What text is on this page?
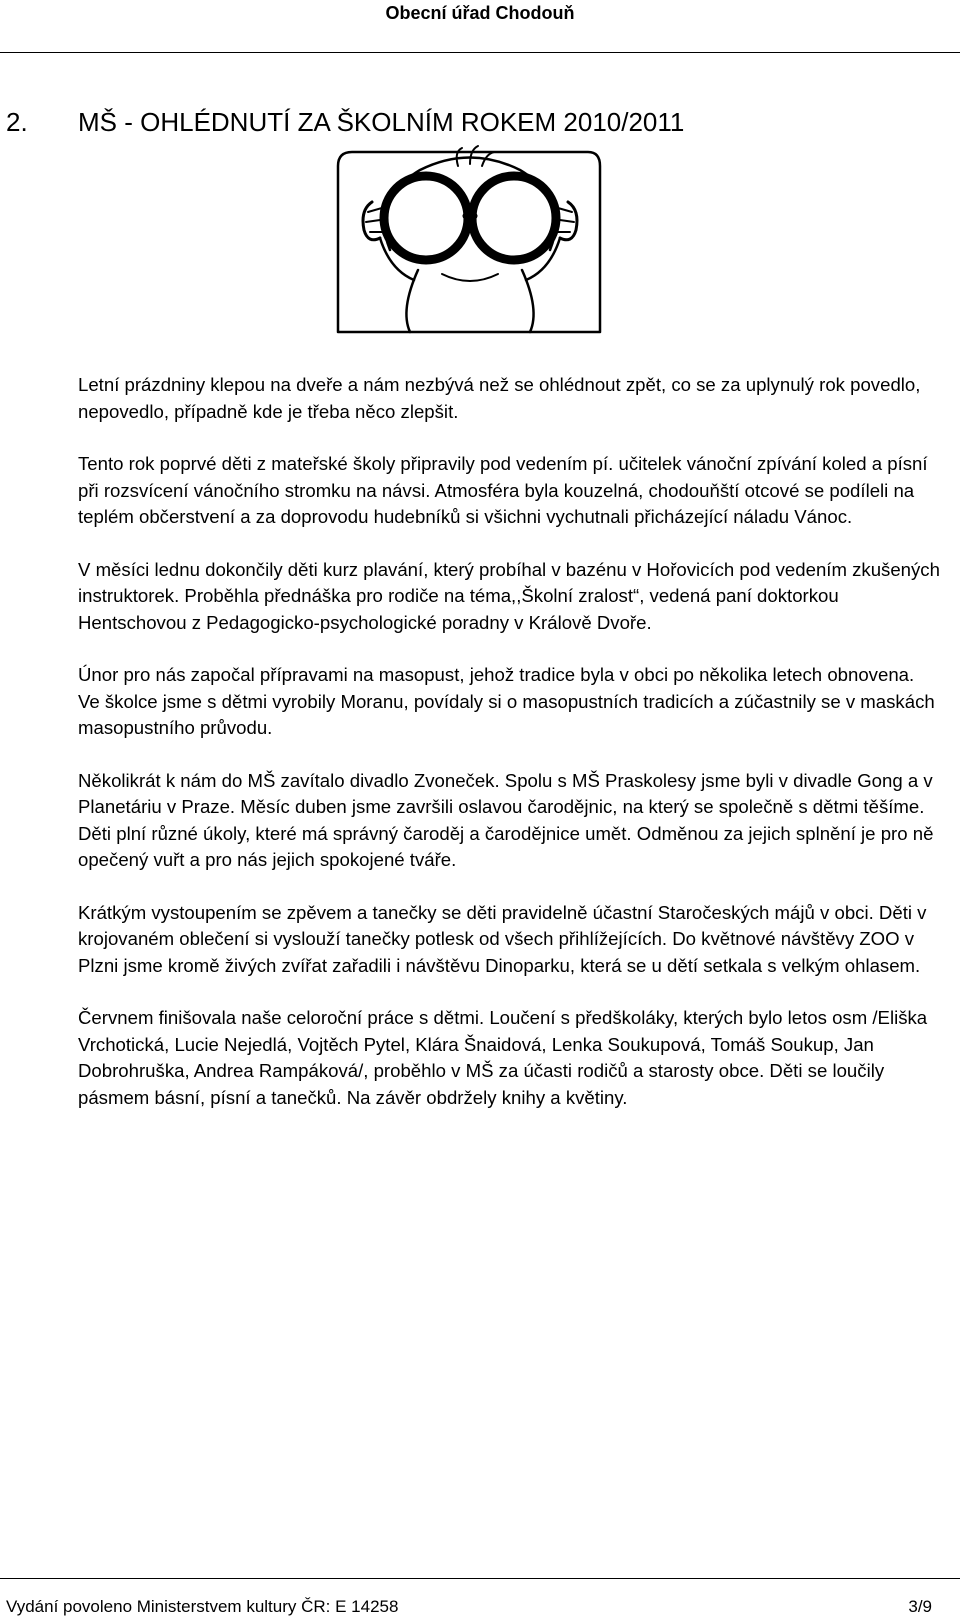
Obecní úřad Chodouň
2. MŠ - OHLÉDNUTÍ ZA ŠKOLNÍM ROKEM 2010/2011

Letní prázdniny klepou na dveře a nám nezbývá než se ohlédnout zpět, co se za uplynulý rok povedlo, nepovedlo, případně kde je třeba něco zlepšit.

Tento rok poprvé děti z mateřské školy připravily pod vedením pí. učitelek vánoční zpívání koled a písní při rozsvícení vánočního stromku na návsi. Atmosféra byla kouzelná, chodouňští otcové se podíleli na teplém občerstvení a za doprovodu hudebníků si všichni vychutnali přicházející náladu Vánoc.

V měsíci lednu dokončily děti kurz plavání, který probíhal v bazénu v Hořovicích pod vedením zkušených instruktorek. Proběhla přednáška pro rodiče na téma,,Školní zralost“, vedená paní doktorkou Hentschovou z Pedagogicko-psychologické poradny v Králově Dvoře.

Únor pro nás započal přípravami na masopust, jehož tradice byla v obci po několika letech obnovena. Ve školce jsme s dětmi vyrobily Moranu, povídaly si o masopustních tradicích a zúčastnily se v maskách masopustního průvodu.

Několikrát k nám do MŠ zavítalo divadlo Zvoneček. Spolu s MŠ Praskolesy jsme byli v divadle Gong a v Planetáriu v Praze. Měsíc duben jsme završili oslavou čarodějnic, na který se společně s dětmi těšíme. Děti plní různé úkoly, které má správný čaroděj a čarodějnice umět. Odměnou za jejich splnění je pro ně opečený vuřt a pro nás jejich spokojené tváře.

Krátkým vystoupením se zpěvem a tanečky se děti pravidelně účastní Staročeských májů v obci. Děti v krojovaném oblečení si vyslouží tanečky potlesk od všech přihlížejících. Do květnové návštěvy ZOO v Plzni jsme kromě živých zvířat zařadili i návštěvu Dinoparku, která se u dětí setkala s velkým ohlasem.

Červnem finišovala naše celoroční práce s dětmi. Loučení s předškoláky, kterých bylo letos osm /Eliška Vrchotická, Lucie Nejedlá, Vojtěch Pytel, Klára Šnaidová, Lenka Soukupová, Tomáš Soukup, Jan Dobrohruška, Andrea Rampáková/, proběhlo v MŠ za účasti rodičů a starosty obce. Děti se loučily pásmem básní, písní a tanečků. Na závěr obdržely knihy a květiny.

Vydání povoleno Ministerstvem kultury ČR: E 14258	3/9
